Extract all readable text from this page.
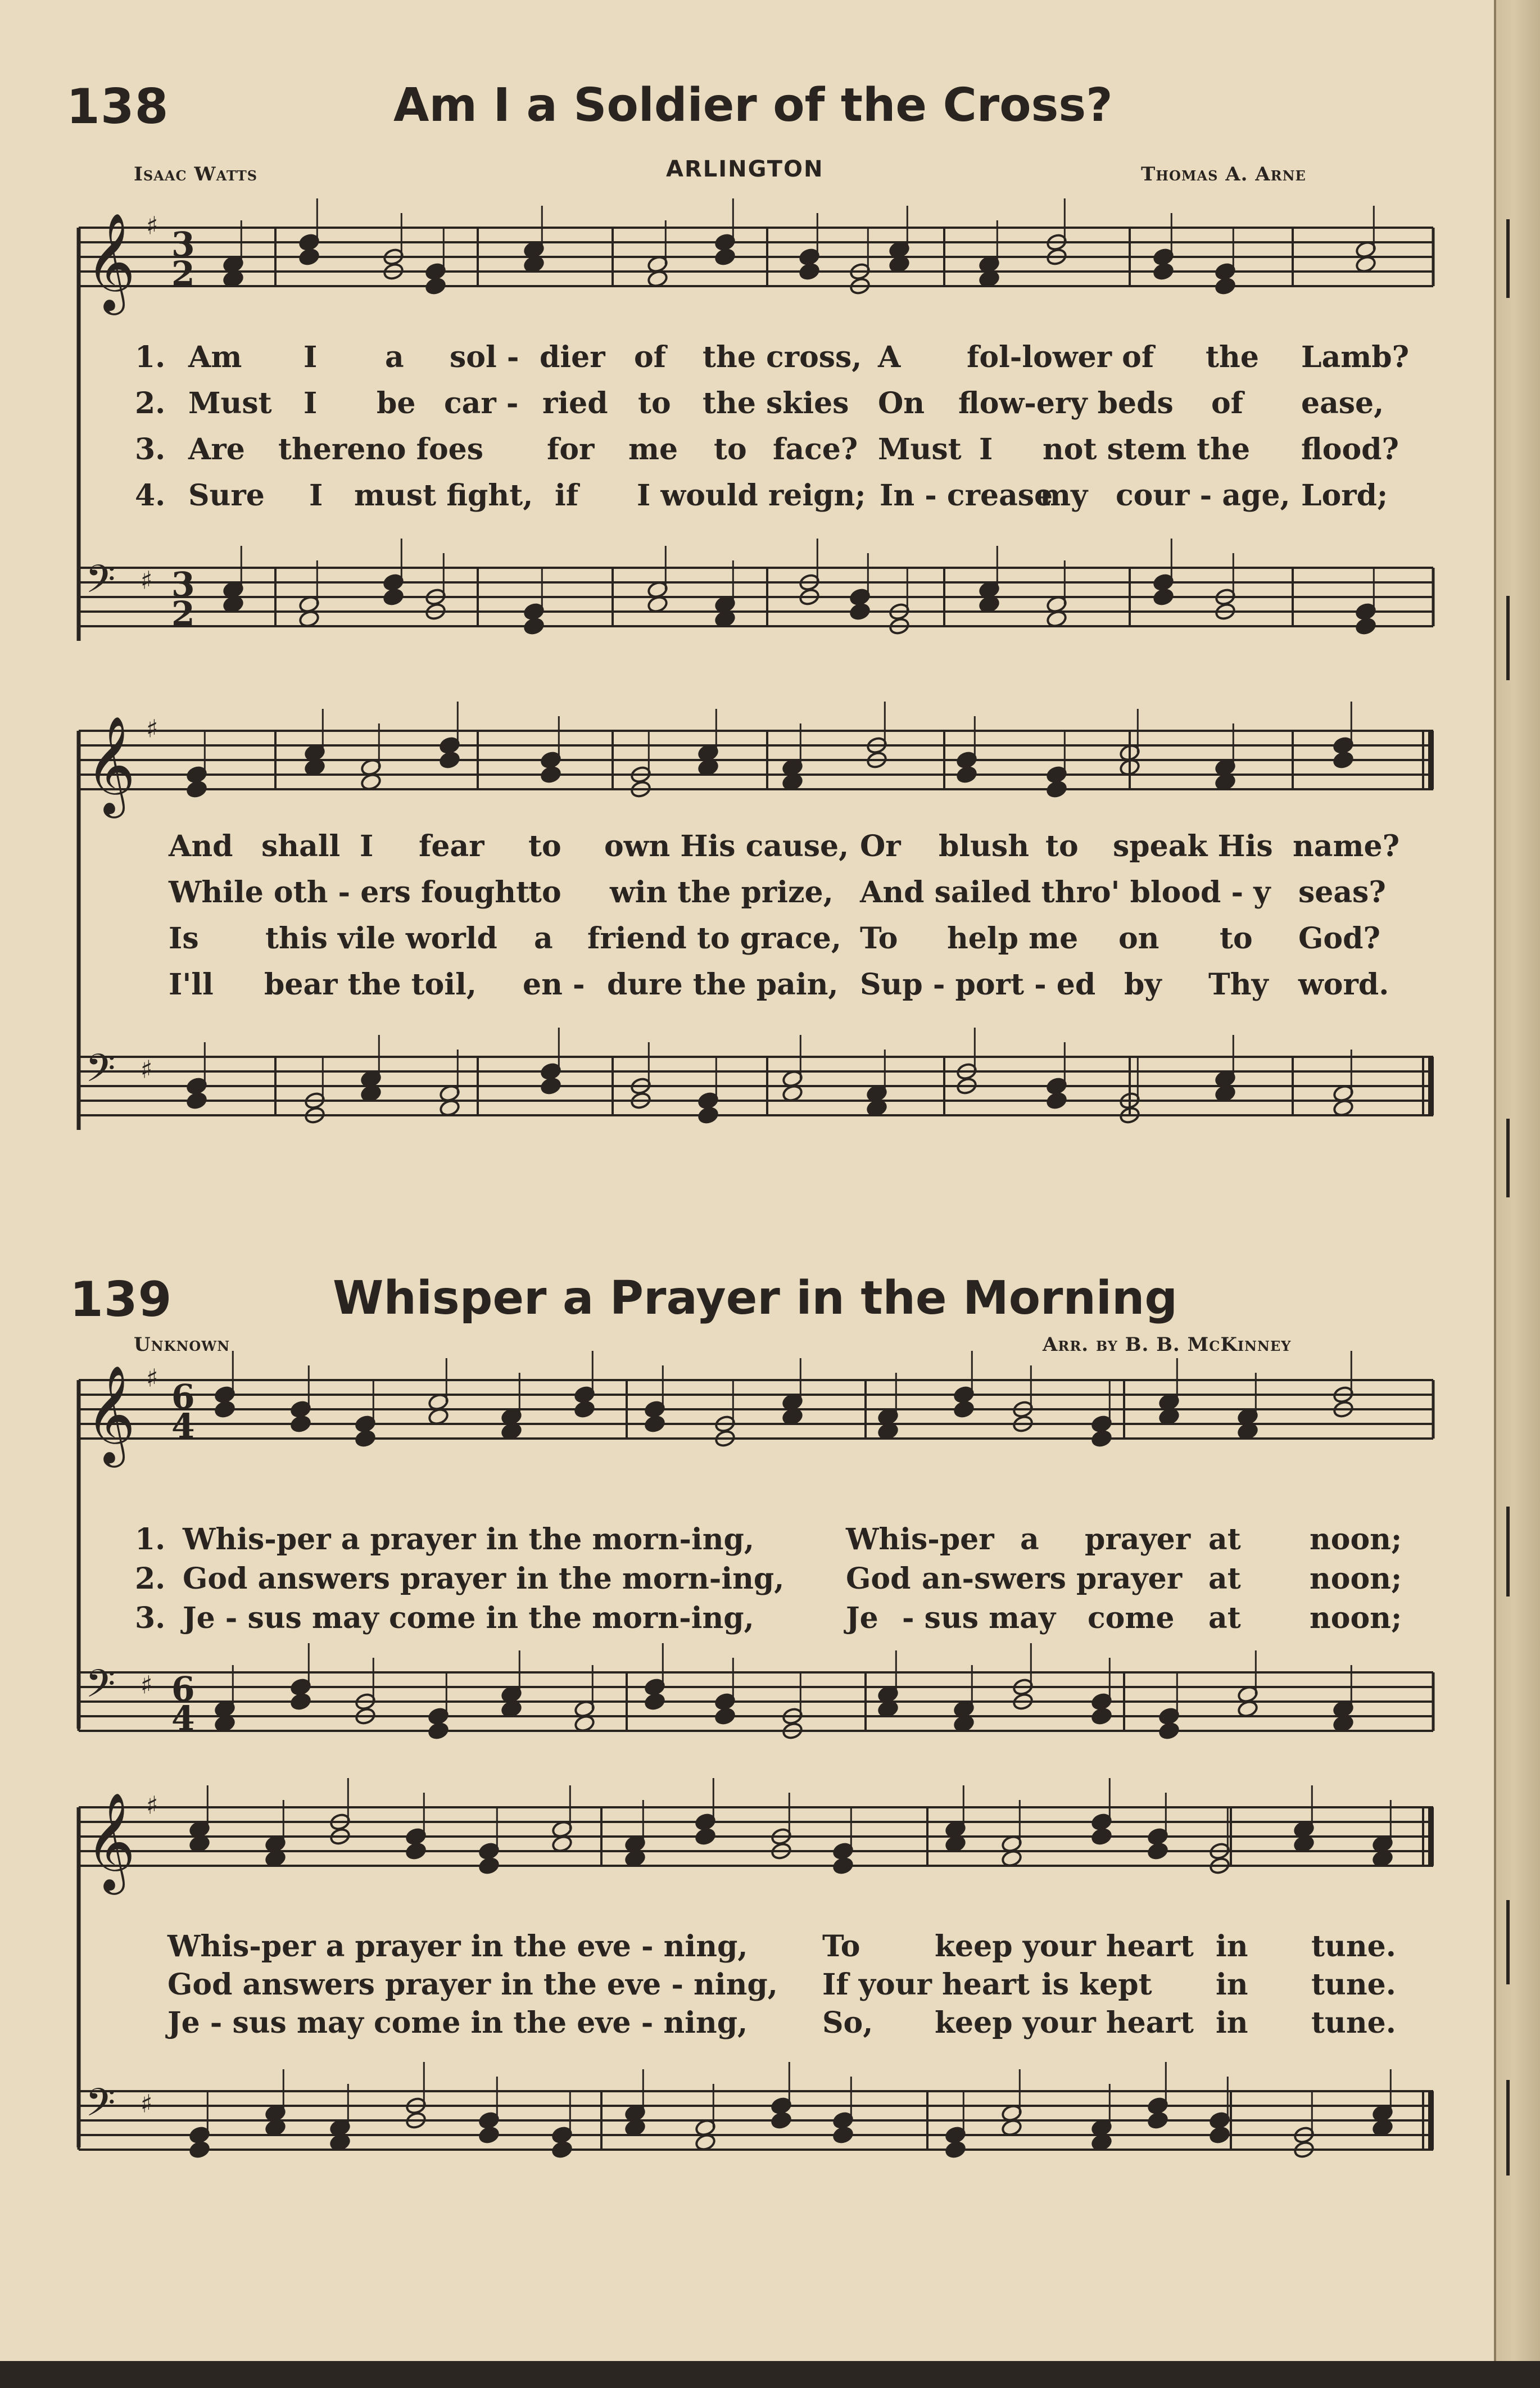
138	Am I a Soldier of the Cross?
Isaac Watts	ARLINGTON	Thomas A. Arne
139	Whisper a Prayer in the Morning
Unknown	Arr. by B. B. McKinney
𝄞 ♯ 3
2
𝄢 ♯ 3
2
𝄞 ♯
𝄢 ♯
𝄞 ♯ 6
4
𝄢 ♯ 6
4
𝄞 ♯
𝄢 ♯
1. Am I a sol - dier of the cross, A fol-lower of the Lamb?
2. Must I be car - ried to the skies On flow-ery beds of ease,
3. Are there no foes for me to face? Must I not stem the flood?
4. Sure I must fight, if I would reign; In - crease
my cour - age, Lord;
And shall I fear to own His cause, Or blush to speak His name?
While oth - ers fought
to win the prize, And sailed thro' blood - y seas?
Is this vile world a friend to grace, To help me on to God?
I'll bear the toil, en - dure the pain, Sup - port - ed by Thy word.
1. Whis-per a prayer in the morn-ing,	Whis-per a prayer at noon;
2. God answers prayer in the morn-ing, God an-swers prayer at noon;
3. Je - sus may come in the morn-ing,	Je - sus may come at noon;
Whis-per a prayer in the eve - ning,	To	keep your heart in tune.
God answers prayer in the eve - ning, If your heart is kept in tune.
Je - sus may come in the eve - ning,	So, keep your heart in tune.
